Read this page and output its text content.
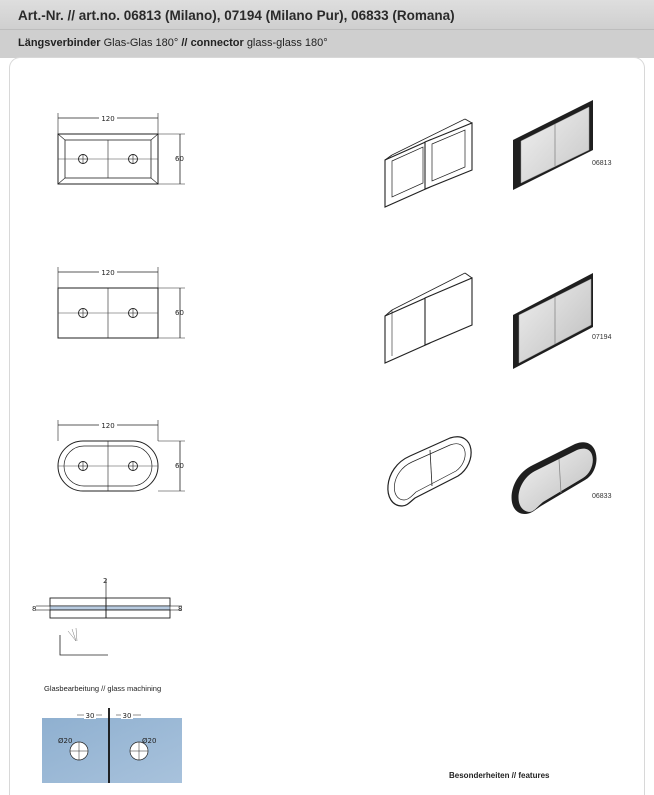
Art.-Nr. // art.no. 06813 (Milano), 07194 (Milano Pur), 06833 (Romana)
Längsverbinder Glas-Glas 180° // connector glass-glass 180°
120
60
120
60
120
60
06813
07194
06833
2
8	8
Glasbearbeitung // glass machining
30	30
Ø20	Ø20
Besonderheiten // features
